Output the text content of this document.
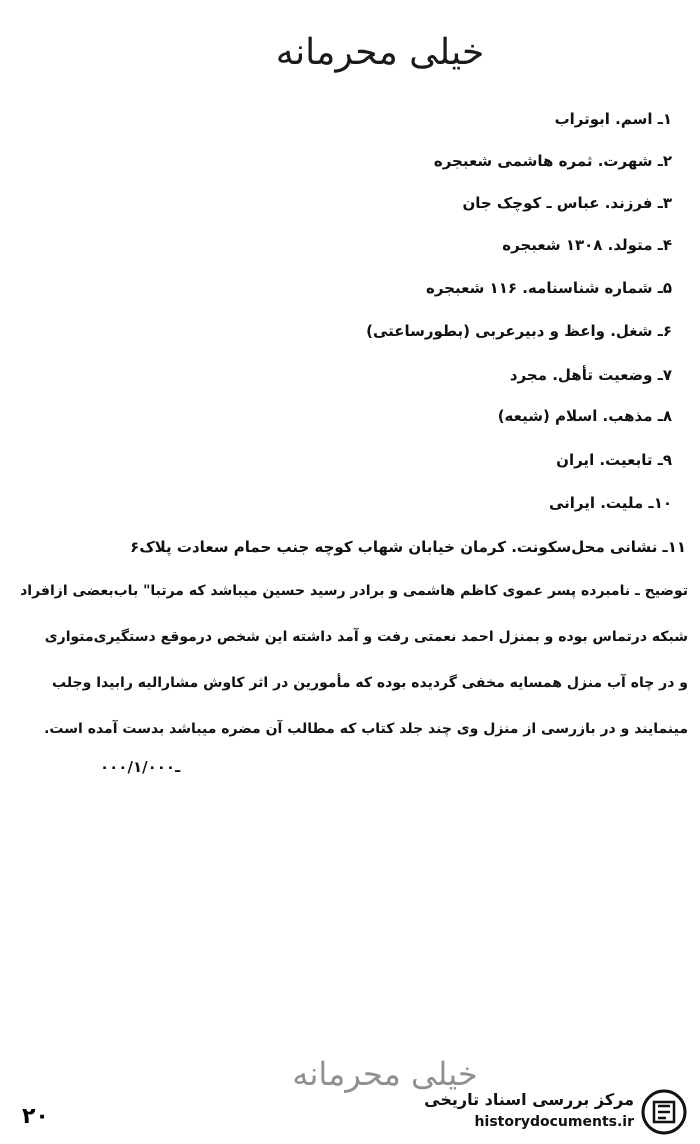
خیلی محرمانه
۱ـ اسم. ابوتراب
۲ـ شهرت. ثمره هاشمی شعبجره
۳ـ فرزند. عباس ـ کوچک جان
۴ـ متولد. ۱۳۰۸ شعبجره
۵ـ شماره شناسنامه. ۱۱۶ شعبجره
۶ـ شغل. واعظ و دبیرعربی (بطورساعتی)
۷ـ وضعیت تأهل. مجرد
۸ـ مذهب. اسلام (شیعه)
۹ـ تابعیت. ایران
۱۰ـ ملیت. ایرانی
۱۱ـ نشانی محل‌سکونت. کرمان خیابان شهاب کوچه جنب حمام سعادت پلاک۶
توضیح ـ نامبرده پسر عموی کاظم هاشمی و برادر رسید حسین میباشد که مرتبا" باب‌بعضی ازافراد
شبکه درتماس بوده و بمنزل احمد نعمتی رفت و آمد داشته این شخص درموقع دستگیری‌متواری
و در چاه آب منزل همسایه مخفی گردیده بوده که مأمورین در اثر کاوش مشارالیه رابیدا وجلب
مینمایند و در بازرسی از منزل وی چند جلد کتاب که مطالب آن مضره میباشد بدست آمده است.
۰۰۰/ـ۱/۰۰۰
خیلی محرمانه
۲۰
مرکز بررسی اسناد تاریخی
historydocuments.ir
